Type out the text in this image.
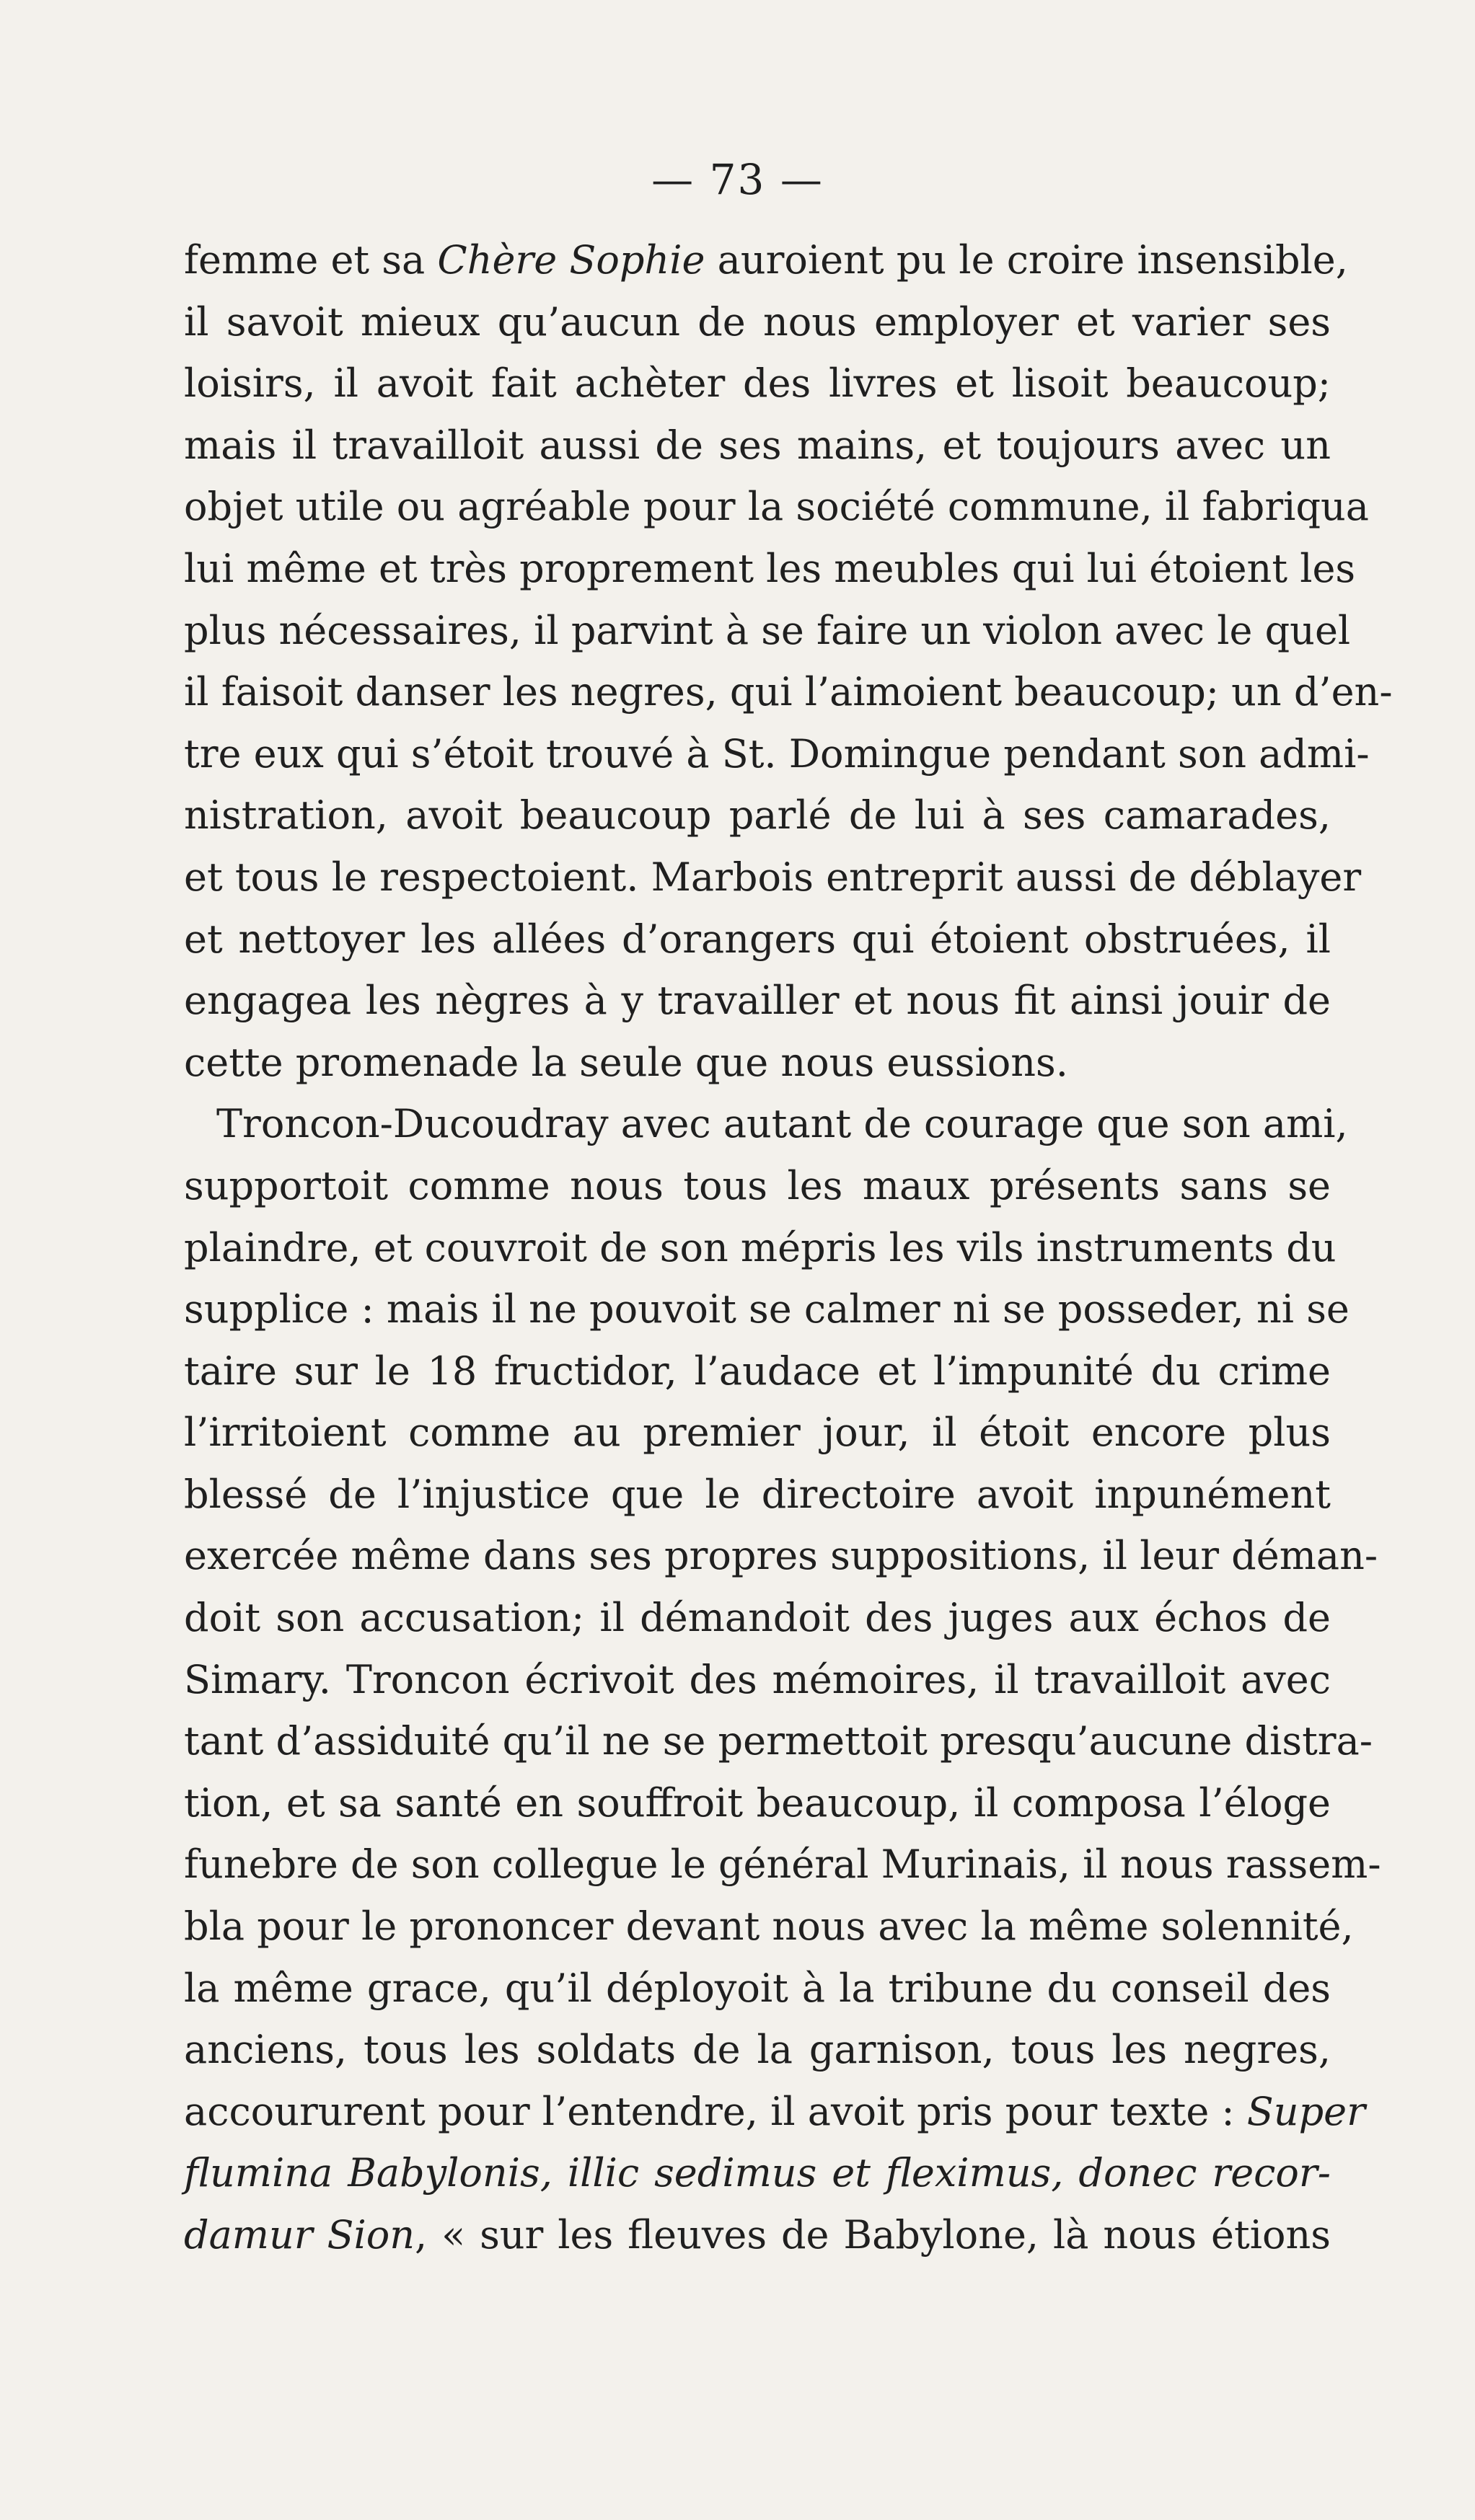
— 73 —
femme et sa Chère Sophie auroient pu le croire insensible,
il savoit mieux qu’aucun de nous employer et varier ses
loisirs, il avoit fait achèter des livres et lisoit beaucoup;
mais il travailloit aussi de ses mains, et toujours avec un
objet utile ou agréable pour la société commune, il fabriqua
lui même et très proprement les meubles qui lui étoient les
plus nécessaires, il parvint à se faire un violon avec le quel
il faisoit danser les negres, qui l’aimoient beaucoup; un d’en-
tre eux qui s’étoit trouvé à St. Domingue pendant son admi-
nistration, avoit beaucoup parlé de lui à ses camarades,
et tous le respectoient. Marbois entreprit aussi de déblayer
et nettoyer les allées d’orangers qui étoient obstruées, il
engagea les nègres à y travailler et nous fit ainsi jouir de
cette promenade la seule que nous eussions.
Troncon-Ducoudray avec autant de courage que son ami,
supportoit comme nous tous les maux présents sans se
plaindre, et couvroit de son mépris les vils instruments du
supplice : mais il ne pouvoit se calmer ni se posseder, ni se
taire sur le 18 fructidor, l’audace et l’impunité du crime
l’irritoient comme au premier jour, il étoit encore plus
blessé de l’injustice que le directoire avoit inpunément
exercée même dans ses propres suppositions, il leur déman-
doit son accusation; il démandoit des juges aux échos de
Simary. Troncon écrivoit des mémoires, il travailloit avec
tant d’assiduité qu’il ne se permettoit presqu’aucune distra-
tion, et sa santé en souffroit beaucoup, il composa l’éloge
funebre de son collegue le général Murinais, il nous rassem-
bla pour le prononcer devant nous avec la même solennité,
la même grace, qu’il déployoit à la tribune du conseil des
anciens, tous les soldats de la garnison, tous les negres,
accoururent pour l’entendre, il avoit pris pour texte : Super
flumina Babylonis, illic sedimus et fleximus, donec recor-
damur Sion, « sur les fleuves de Babylone, là nous étions
